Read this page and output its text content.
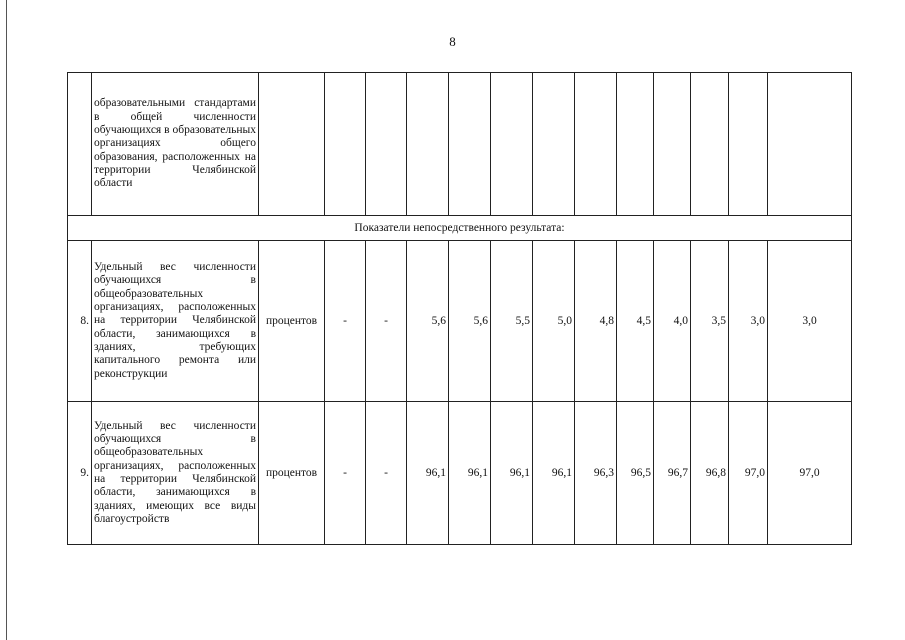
8
	образовательными стандартами в общей численности обучающихся в образовательных организациях общего образования, расположенных на территории Челябинской области													
Показатели непосредственного результата:														
8.	Удельный вес численности обучающихся в общеобразовательных организациях, расположенных на территории Челябинской области, занимающихся в зданиях, требующих капитального ремонта или реконструкции	процентов	-	-	5,6	5,6	5,5	5,0	4,8	4,5	4,0	3,5	3,0	3,0
9.	Удельный вес численности обучающихся в общеобразовательных организациях, расположенных на территории Челябинской области, занимающихся в зданиях, имеющих все виды благоустройств	процентов	-	-	96,1	96,1	96,1	96,1	96,3	96,5	96,7	96,8	97,0	97,0
